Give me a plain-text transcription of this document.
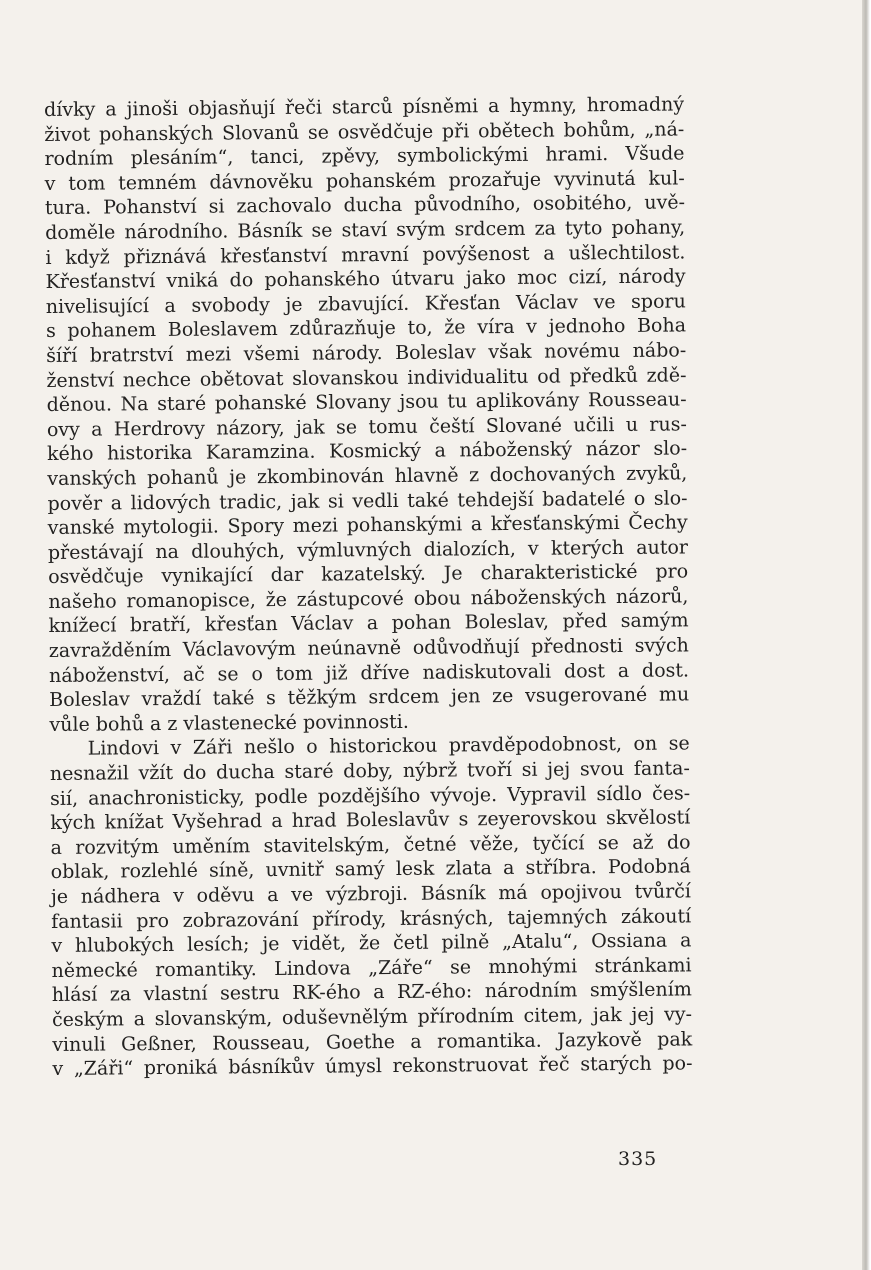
dívky a jinoši objasňují řeči starců písněmi a hymny, hromadný
život pohanských Slovanů se osvědčuje při obětech bohům, „ná-
rodním plesáním“, tanci, zpěvy, symbolickými hrami. Všude
v tom temném dávnověku pohanském prozařuje vyvinutá kul-
tura. Pohanství si zachovalo ducha původního, osobitého, uvě-
doměle národního. Básník se staví svým srdcem za tyto pohany,
i když přiznává křesťanství mravní povýšenost a ušlechtilost.
Křesťanství vniká do pohanského útvaru jako moc cizí, národy
nivelisující a svobody je zbavující. Křesťan Václav ve sporu
s pohanem Boleslavem zdůrazňuje to, že víra v jednoho Boha
šíří bratrství mezi všemi národy. Boleslav však novému nábo-
ženství nechce obětovat slovanskou individualitu od předků zdě-
děnou. Na staré pohanské Slovany jsou tu aplikovány Rousseau-
ovy a Herdrovy názory, jak se tomu čeští Slované učili u rus-
kého historika Karamzina. Kosmický a náboženský názor slo-
vanských pohanů je zkombinován hlavně z dochovaných zvyků,
pověr a lidových tradic, jak si vedli také tehdejší badatelé o slo-
vanské mytologii. Spory mezi pohanskými a křesťanskými Čechy
přestávají na dlouhých, výmluvných dialozích, v kterých autor
osvědčuje vynikající dar kazatelský. Je charakteristické pro
našeho romanopisce, že zástupcové obou náboženských názorů,
knížecí bratří, křesťan Václav a pohan Boleslav, před samým
zavražděním Václavovým neúnavně odůvodňují přednosti svých
náboženství, ač se o tom již dříve nadiskutovali dost a dost.
Boleslav vraždí také s těžkým srdcem jen ze vsugerované mu
vůle bohů a z vlastenecké povinnosti.
Lindovi v Záři nešlo o historickou pravděpodobnost, on se
nesnažil vžít do ducha staré doby, nýbrž tvoří si jej svou fanta-
sií, anachronisticky, podle pozdějšího vývoje. Vypravil sídlo čes-
kých knížat Vyšehrad a hrad Boleslavův s zeyerovskou skvělostí
a rozvitým uměním stavitelským, četné věže, tyčící se až do
oblak, rozlehlé síně, uvnitř samý lesk zlata a stříbra. Podobná
je nádhera v oděvu a ve výzbroji. Básník má opojivou tvůrčí
fantasii pro zobrazování přírody, krásných, tajemných zákoutí
v hlubokých lesích; je vidět, že četl pilně „Atalu“, Ossiana a
německé romantiky. Lindova „Záře“ se mnohými stránkami
hlásí za vlastní sestru RK-ého a RZ-ého: národním smýšlením
českým a slovanským, oduševnělým přírodním citem, jak jej vy-
vinuli Geßner, Rousseau, Goethe a romantika. Jazykově pak
v „Záři“ proniká básníkův úmysl rekonstruovat řeč starých po-
335
